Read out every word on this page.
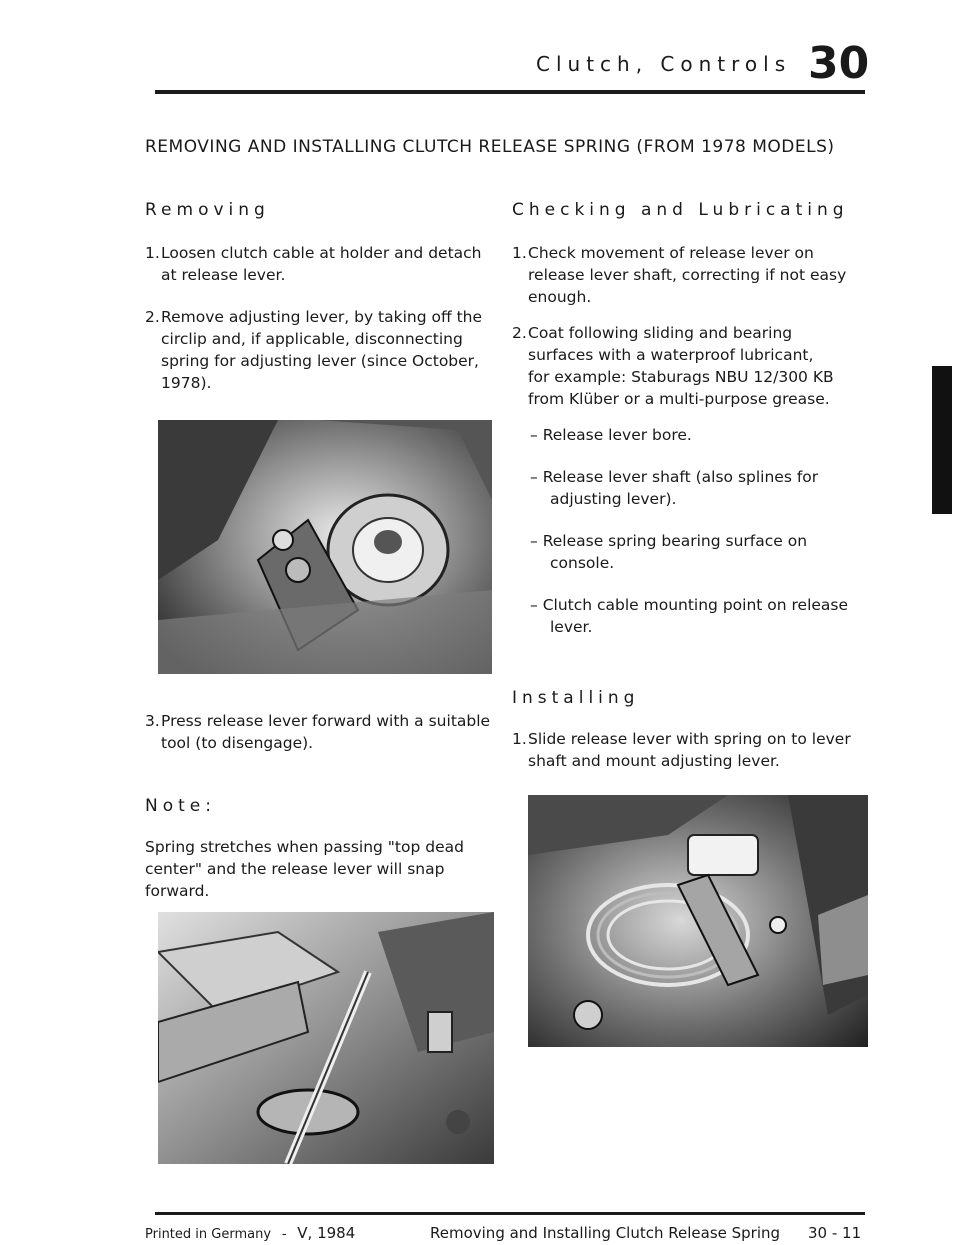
Clutch, Controls 30
REMOVING AND INSTALLING CLUTCH RELEASE SPRING (FROM 1978 MODELS)
Removing
1.Loosen clutch cable at holder and detach
at release lever.
2.Remove adjusting lever, by taking off the
circlip and, if applicable, disconnecting
spring for adjusting lever (since October,
1978).
3.Press release lever forward with a suitable
tool (to disengage).
Note:
Spring stretches when passing "top dead
center" and the release lever will snap
forward.
Checking and Lubricating
1.Check movement of release lever on
release lever shaft, correcting if not easy
enough.
2.Coat following sliding and bearing
surfaces with a waterproof lubricant,
for example: Staburags NBU 12/300 KB
from Klüber or a multi-purpose grease.
– Release lever bore.
– Release lever shaft (also splines for
adjusting lever).
– Release spring bearing surface on
console.
– Clutch cable mounting point on release
lever.
Installing
1.Slide release lever with spring on to lever
shaft and mount adjusting lever.
Printed in Germany - V, 1984	Removing and Installing Clutch Release Spring 30 - 11
